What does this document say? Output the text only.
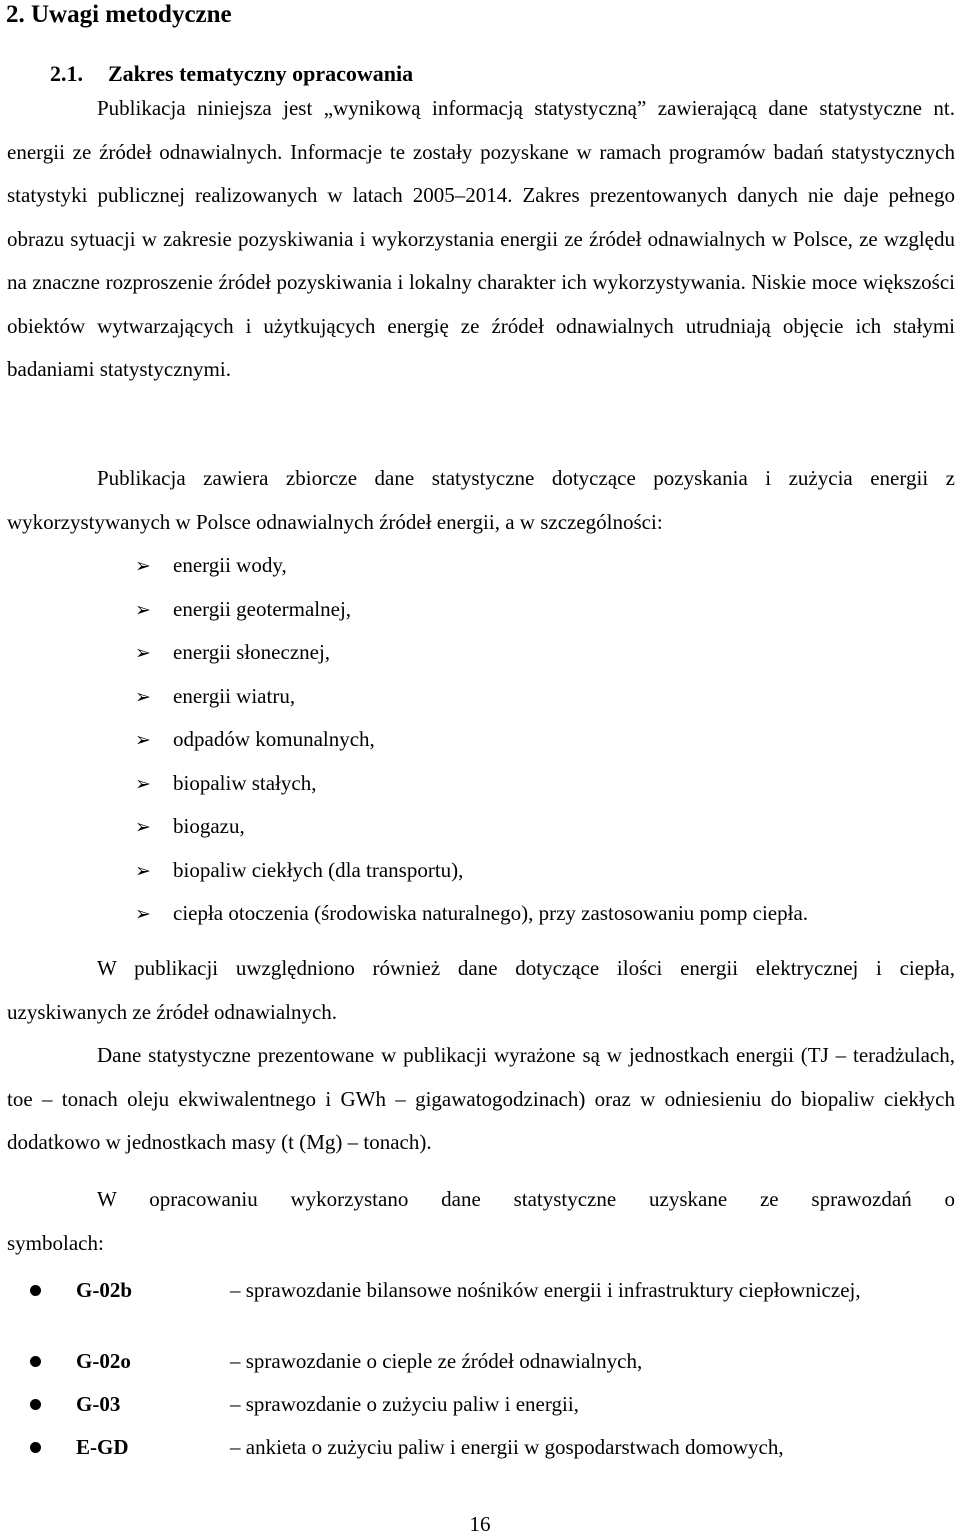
2. Uwagi metodyczne
2.1. Zakres tematyczny opracowania

Publikacja niniejsza jest „wynikową informacją statystyczną” zawierającą dane statystyczne nt. energii ze źródeł odnawialnych. Informacje te zostały pozyskane w ramach programów badań statystycznych statystyki publicznej realizowanych w latach 2005–2014. Zakres prezentowanych danych nie daje pełnego obrazu sytuacji w zakresie pozyskiwania i wykorzystania energii ze źródeł odnawialnych w Polsce, ze względu na znaczne rozproszenie źródeł pozyskiwania i lokalny charakter ich wykorzystywania. Niskie moce większości obiektów wytwarzających i użytkujących energię ze źródeł odnawialnych utrudniają objęcie ich stałymi badaniami statystycznymi.

Publikacja zawiera zbiorcze dane statystyczne dotyczące pozyskania i zużycia energii z wykorzystywanych w Polsce odnawialnych źródeł energii, a w szczególności:

➢ energii wody,
➢ energii geotermalnej,
➢ energii słonecznej,
➢ energii wiatru,
➢ odpadów komunalnych,
➢ biopaliw stałych,
➢ biogazu,
➢ biopaliw ciekłych (dla transportu),
➢ ciepła otoczenia (środowiska naturalnego), przy zastosowaniu pomp ciepła.

W publikacji uwzględniono również dane dotyczące ilości energii elektrycznej i ciepła, uzyskiwanych ze źródeł odnawialnych.

Dane statystyczne prezentowane w publikacji wyrażone są w jednostkach energii (TJ – teradżulach, toe – tonach oleju ekwiwalentnego i GWh – gigawatogodzinach) oraz w odniesieniu do biopaliw ciekłych dodatkowo w jednostkach masy (t (Mg) – tonach).

W opracowaniu wykorzystano dane statystyczne uzyskane ze sprawozdań o symbolach:

G-02b	– sprawozdanie bilansowe nośników energii i infrastruktury ciepłowniczej,
G-02o	– sprawozdanie o cieple ze źródeł odnawialnych,
G-03	– sprawozdanie o zużyciu paliw i energii,
E-GD	– ankieta o zużyciu paliw i energii w gospodarstwach domowych,
16
